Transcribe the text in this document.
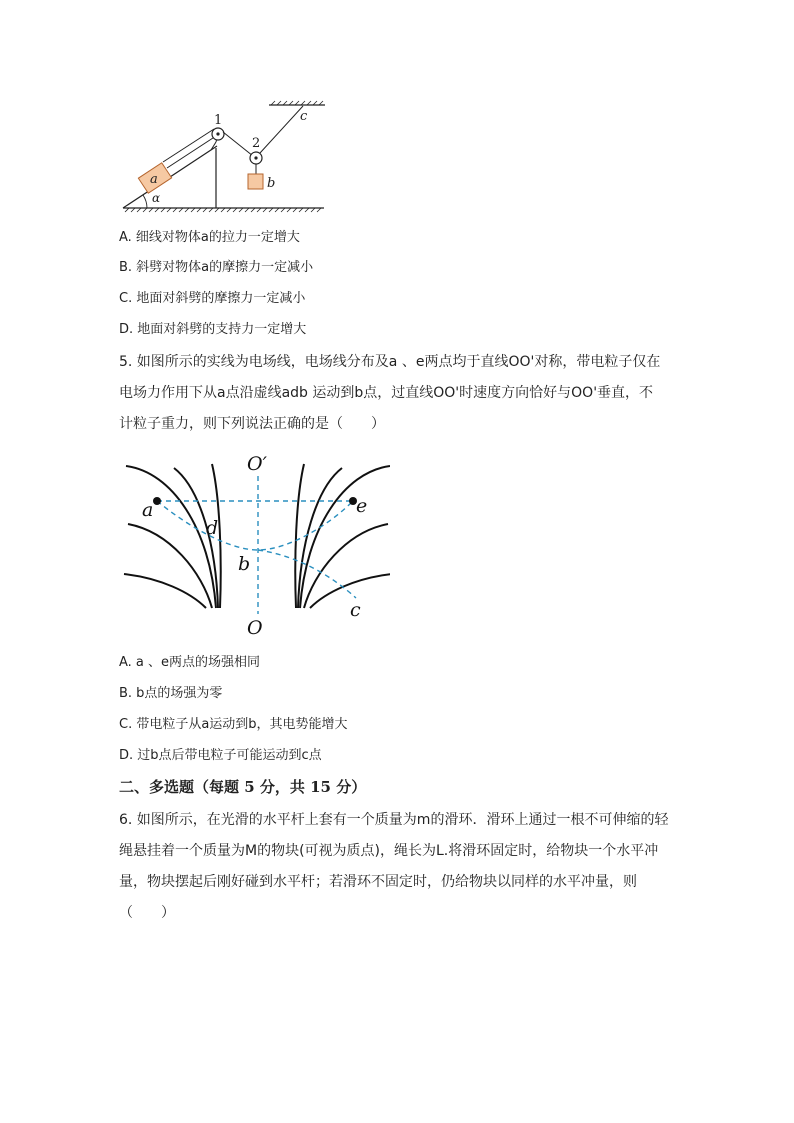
1
2
c
a	b
α
A. 细线对物体a的拉力一定增大
B. 斜劈对物体a的摩擦力一定减小
C. 地面对斜劈的摩擦力一定减小
D. 地面对斜劈的支持力一定增大
5. 如图所示的实线为电场线，电场线分布及a 、e两点均于直线OO'对称，带电粒子仅在
电场力作用下从a点沿虚线adb 运动到b点，过直线OO'时速度方向恰好与OO'垂直，不
计粒子重力，则下列说法正确的是（　　）
O′
O
a	e
d
b
c
A. a 、e两点的场强相同
B. b点的场强为零
C. 带电粒子从a运动到b，其电势能增大
D. 过b点后带电粒子可能运动到c点
二、多选题（每题 5 分，共 15 分）
6. 如图所示，在光滑的水平杆上套有一个质量为m的滑环．滑环上通过一根不可伸缩的轻
绳悬挂着一个质量为M的物块(可视为质点)，绳长为L.将滑环固定时，给物块一个水平冲
量，物块摆起后刚好碰到水平杆；若滑环不固定时，仍给物块以同样的水平冲量，则
（　　）
